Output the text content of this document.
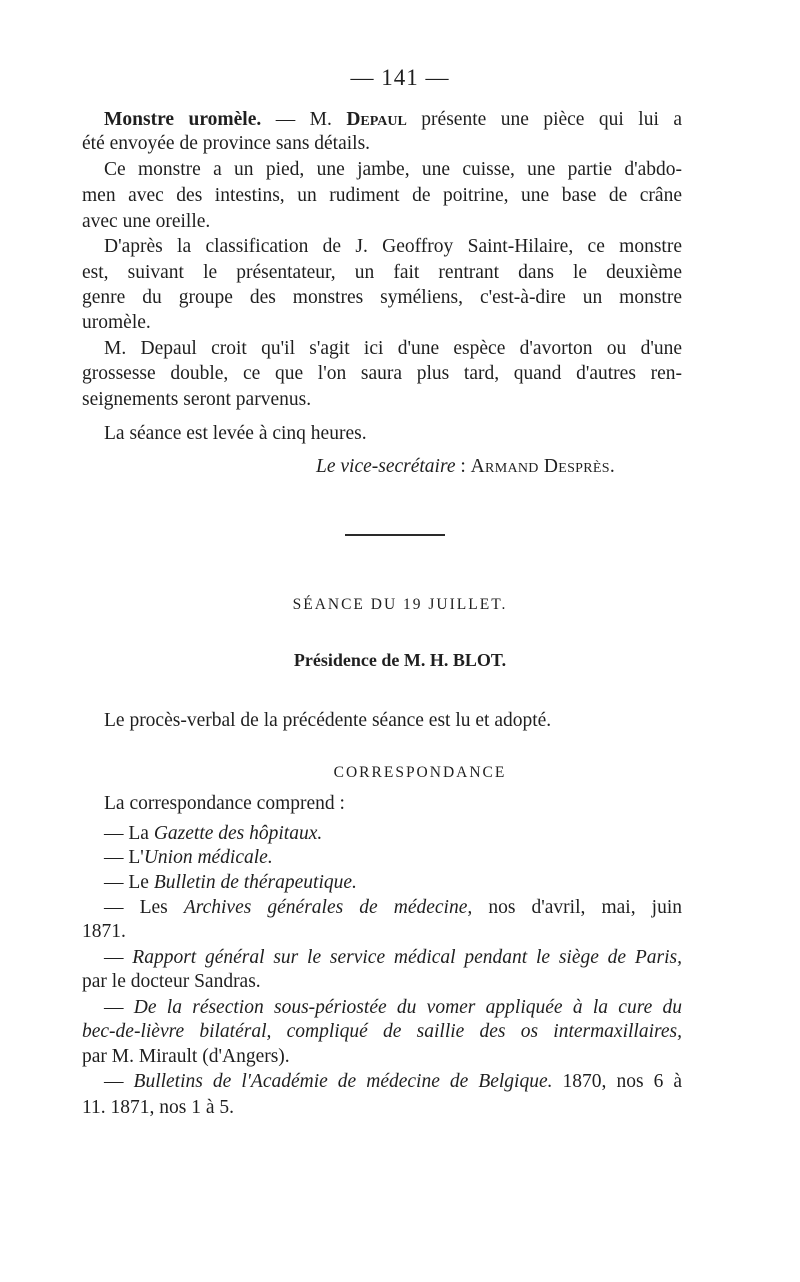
— 141 —
Monstre uromèle. — M. Depaul présente une pièce qui lui a
été envoyée de province sans détails.
Ce monstre a un pied, une jambe, une cuisse, une partie d'abdo-
men avec des intestins, un rudiment de poitrine, une base de crâne
avec une oreille.
D'après la classification de J. Geoffroy Saint-Hilaire, ce monstre
est, suivant le présentateur, un fait rentrant dans le deuxième
genre du groupe des monstres syméliens, c'est-à-dire un monstre
uromèle.
M. Depaul croit qu'il s'agit ici d'une espèce d'avorton ou d'une
grossesse double, ce que l'on saura plus tard, quand d'autres ren-
seignements seront parvenus.
La séance est levée à cinq heures.
Le vice-secrétaire : Armand Desprès.
SÉANCE DU 19 JUILLET.
Présidence de M. H. BLOT.
Le procès-verbal de la précédente séance est lu et adopté.
CORRESPONDANCE
La correspondance comprend :
— La Gazette des hôpitaux.
— L'Union médicale.
— Le Bulletin de thérapeutique.
— Les Archives générales de médecine, nos d'avril, mai, juin
1871.
— Rapport général sur le service médical pendant le siège de Paris,
par le docteur Sandras.
— De la résection sous-périostée du vomer appliquée à la cure du
bec-de-lièvre bilatéral, compliqué de saillie des os intermaxillaires,
par M. Mirault (d'Angers).
— Bulletins de l'Académie de médecine de Belgique. 1870, nos 6 à
11. 1871, nos 1 à 5.
